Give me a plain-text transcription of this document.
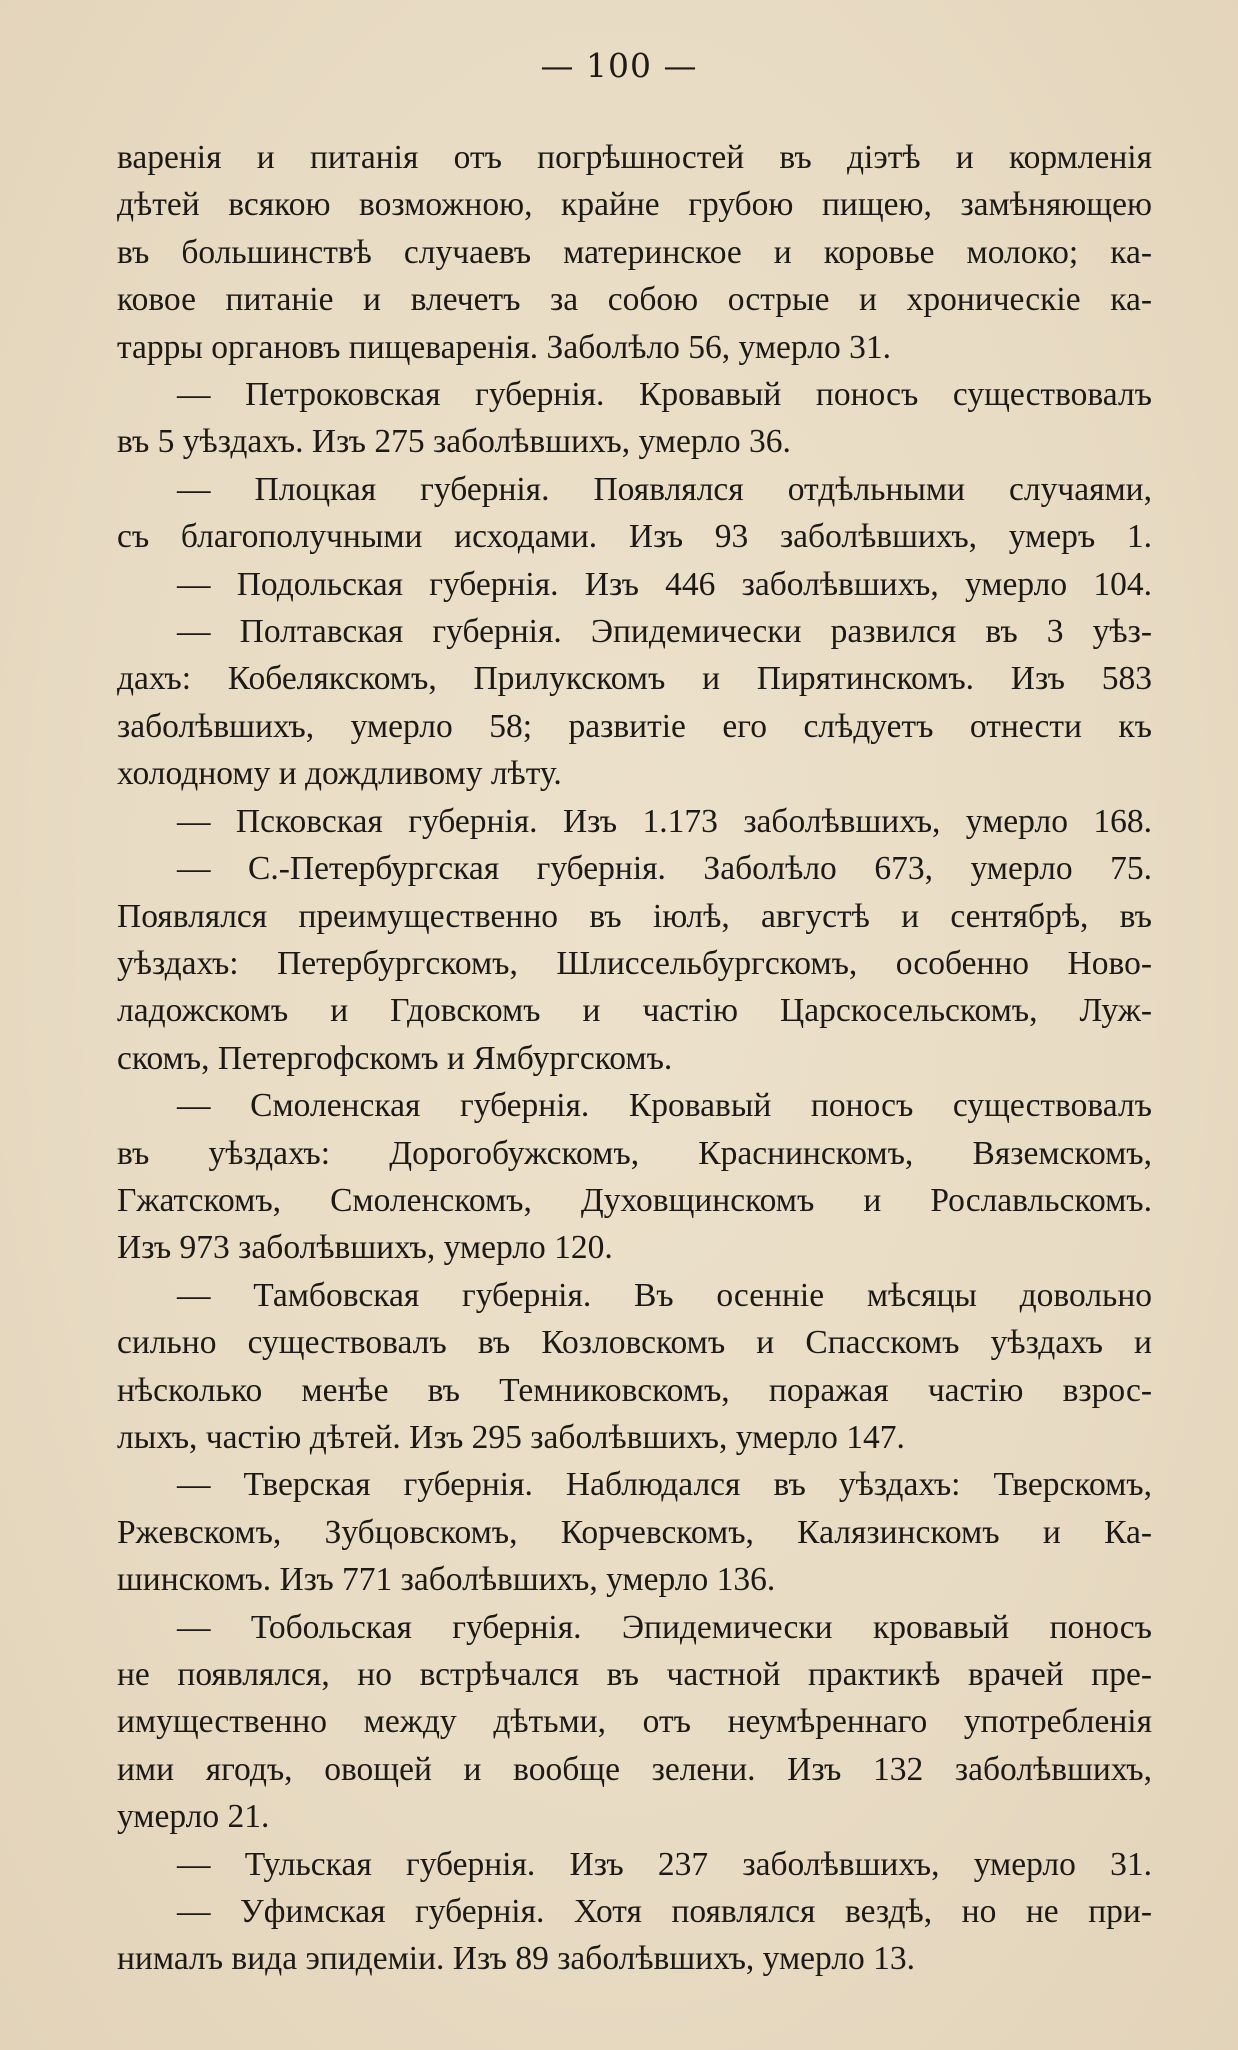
— 100 —
варенія и питанія отъ погрѣшностей въ діэтѣ и кормленія
дѣтей всякою возможною, крайне грубою пищею, замѣняющею
въ большинствѣ случаевъ материнское и коровье молоко; ка-
ковое питаніе и влечетъ за собою острые и хроническіе ка-
тарры органовъ пищеваренія. Заболѣло 56, умерло 31.
— Петроковская губернія. Кровавый поносъ существовалъ
въ 5 уѣздахъ. Изъ 275 заболѣвшихъ, умерло 36.
— Плоцкая губернія. Появлялся отдѣльными случаями,
съ благополучными исходами. Изъ 93 заболѣвшихъ, умеръ 1.
— Подольская губернія. Изъ 446 заболѣвшихъ, умерло 104.
— Полтавская губернія. Эпидемически развился въ 3 уѣз-
дахъ: Кобелякскомъ, Прилукскомъ и Пирятинскомъ. Изъ 583
заболѣвшихъ, умерло 58; развитіе его слѣдуетъ отнести къ
холодному и дождливому лѣту.
— Псковская губернія. Изъ 1.173 заболѣвшихъ, умерло 168.
— С.-Петербургская губернія. Заболѣло 673, умерло 75.
Появлялся преимущественно въ іюлѣ, августѣ и сентябрѣ, въ
уѣздахъ: Петербургскомъ, Шлиссельбургскомъ, особенно Ново-
ладожскомъ и Гдовскомъ и частію Царскосельскомъ, Луж-
скомъ, Петергофскомъ и Ямбургскомъ.
— Смоленская губернія. Кровавый поносъ существовалъ
въ уѣздахъ: Дорогобужскомъ, Краснинскомъ, Вяземскомъ,
Гжатскомъ, Смоленскомъ, Духовщинскомъ и Рославльскомъ.
Изъ 973 заболѣвшихъ, умерло 120.
— Тамбовская губернія. Въ осенніе мѣсяцы довольно
сильно существовалъ въ Козловскомъ и Спасскомъ уѣздахъ и
нѣсколько менѣе въ Темниковскомъ, поражая частію взрос-
лыхъ, частію дѣтей. Изъ 295 заболѣвшихъ, умерло 147.
— Тверская губернія. Наблюдался въ уѣздахъ: Тверскомъ,
Ржевскомъ, Зубцовскомъ, Корчевскомъ, Калязинскомъ и Ка-
шинскомъ. Изъ 771 заболѣвшихъ, умерло 136.
— Тобольская губернія. Эпидемически кровавый поносъ
не появлялся, но встрѣчался въ частной практикѣ врачей пре-
имущественно между дѣтьми, отъ неумѣреннаго употребленія
ими ягодъ, овощей и вообще зелени. Изъ 132 заболѣвшихъ,
умерло 21.
— Тульская губернія. Изъ 237 заболѣвшихъ, умерло 31.
— Уфимская губернія. Хотя появлялся вездѣ, но не при-
нималъ вида эпидеміи. Изъ 89 заболѣвшихъ, умерло 13.
